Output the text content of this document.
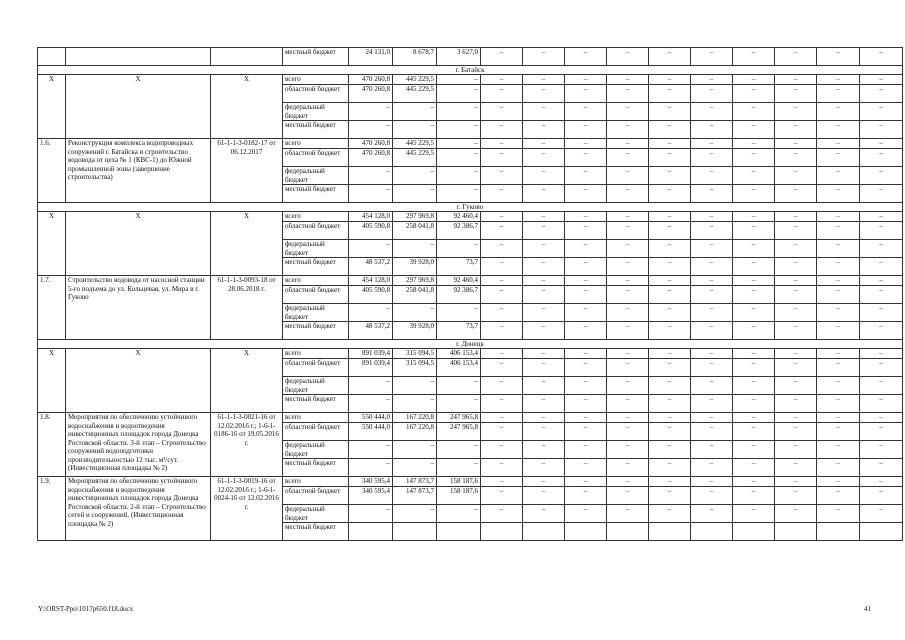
			местный бюджет	24 131,0	8 678,7	3 627,0	–	–	–	–	–	–	–	–	–	–
г. Батайск																
X	X	X	всего	470 260,8	445 229,5	–	–	–	–	–	–	–	–	–	–	–
			областной бюджет	470 260,8	445 229,5	–	–	–	–	–	–	–	–	–	–	–
			федеральный бюджет	–	–	–	–	–	–	–	–	–	–	–	–	–
			местный бюджет	–	–	–	–	–	–	–	–	–	–	–	–	–
1.6.	Реконструкция комплекса водопроводных сооружений г. Батайска и строительство водовода от цеха № 1 (КВС-1) до Южной промышленной зоны (завершение строительства)	61-1-1-3-0182-17 от 06.12.2017	всего	470 260,8	445 229,5	–	–	–	–	–	–	–	–	–	–	–
			областной бюджет	470 260,8	445 229,5	–	–	–	–	–	–	–	–	–	–	–
			федеральный бюджет	–	–	–	–	–	–	–	–	–	–	–	–	–
			местный бюджет	–	–	–	–	–	–	–	–	–	–	–	–	–
г. Гуково																
X	X	X	всего	454 128,0	297 969,8	92 460,4	–	–	–	–	–	–	–	–	–	–
			областной бюджет	405 590,8	258 041,8	92 386,7	–	–	–	–	–	–	–	–	–	–
			федеральный бюджет	–	–	–	–	–	–	–	–	–	–	–	–	–
			местный бюджет	48 537,2	39 928,0	73,7	–	–	–	–	–	–	–	–	–	–
1.7.	Строительство водовода от насосной станции 5-го подъема до ул. Кольцевая, ул. Мира в г. Гуково	61-1-1-3-0093-18 от 28.06.2018 г.	всего	454 128,0	297 969,8	92 460,4	–	–	–	–	–	–	–	–	–	–
			областной бюджет	405 590,8	258 041,8	92 386,7	–	–	–	–	–	–	–	–	–	–
			федеральный бюджет	–	–	–	–	–	–	–	–	–	–	–	–	–
			местный бюджет	48 537,2	39 928,0	73,7	–	–	–	–	–	–	–	–	–	–
г. Донецк																
X	X	X	всего	891 039,4	315 094,5	406 153,4	–	–	–	–	–	–	–	–	–	–
			областной бюджет	891 039,4	315 094,5	406 153,4	–	–	–	–	–	–	–	–	–	–
			федеральный бюджет	–	–	–	–	–	–	–	–	–	–	–	–	–
			местный бюджет	–	–	–	–	–	–	–	–	–	–	–	–	–
1.8.	Мероприятия по обеспечению устойчивого водоснабжения и водоотведения инвестиционных площадок города Донецка Ростовской области. 3-й этап – Строительство сооружений водоподготовки производительностью 12 тыс. м³/сут. (Инвестиционная площадка № 2)	61-1-1-3-0021-16 от 12.02.2016 г.; 1-6-1-0186-16 от 19.05.2016 г.	всего	550 444,0	167 220,8	247 965,8	–	–	–	–	–	–	–	–	–	–
			областной бюджет	550 444,0	167 220,8	247 965,8	–	–	–	–	–	–	–	–	–	–
			федеральный бюджет	–	–	–	–	–	–	–	–	–	–	–	–	–
			местный бюджет	–	–	–	–	–	–	–	–	–	–	–	–	–
1.9.	Мероприятия по обеспечению устойчивого водоснабжения и водоотведения инвестиционных площадок города Донецка Ростовской области. 2-й этап – Строительство сетей и сооружений. (Инвестиционная площадка № 2)	61-1-1-3-0019-16 от 12.02.2016 г.; 1-6-1-0024-16 от 12.02.2016 г.	всего	340 595,4	147 873,7	158 187,6	–	–	–	–	–	–	–	–	–	–
			областной бюджет	340 595,4	147 873,7	158 187,6	–	–	–	–	–	–	–	–	–	–
			федеральный бюджет	–	–	–	–	–	–	–	–	–	–	–	–	–
			местный бюджет													
Y:\ORST-Ppo\1017p650.f18.docx	41
